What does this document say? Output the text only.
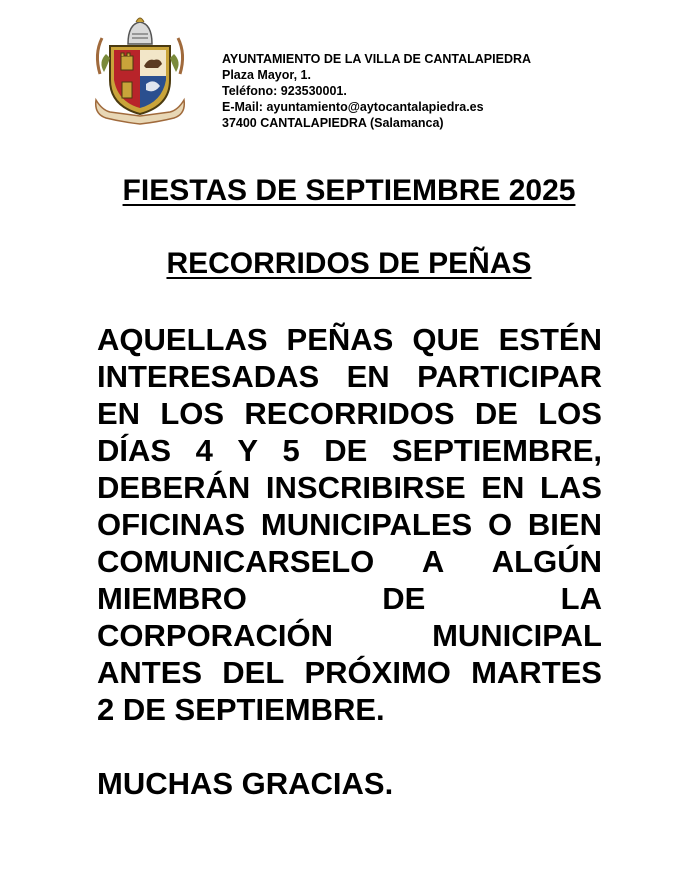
AYUNTAMIENTO DE LA VILLA DE CANTALAPIEDRA
Plaza Mayor, 1.
Teléfono: 923530001.
E-Mail: ayuntamiento@aytocantalapiedra.es
37400 CANTALAPIEDRA (Salamanca)
FIESTAS DE SEPTIEMBRE 2025
RECORRIDOS DE PEÑAS
AQUELLAS PEÑAS QUE ESTÉN
INTERESADAS EN PARTICIPAR
EN LOS RECORRIDOS DE LOS
DÍAS 4 Y 5 DE SEPTIEMBRE,
DEBERÁN INSCRIBIRSE EN LAS
OFICINAS MUNICIPALES O BIEN
COMUNICARSELO A ALGÚN
MIEMBRO	DE	LA
CORPORACIÓN	MUNICIPAL
ANTES DEL PRÓXIMO MARTES
2 DE SEPTIEMBRE.
MUCHAS GRACIAS.
